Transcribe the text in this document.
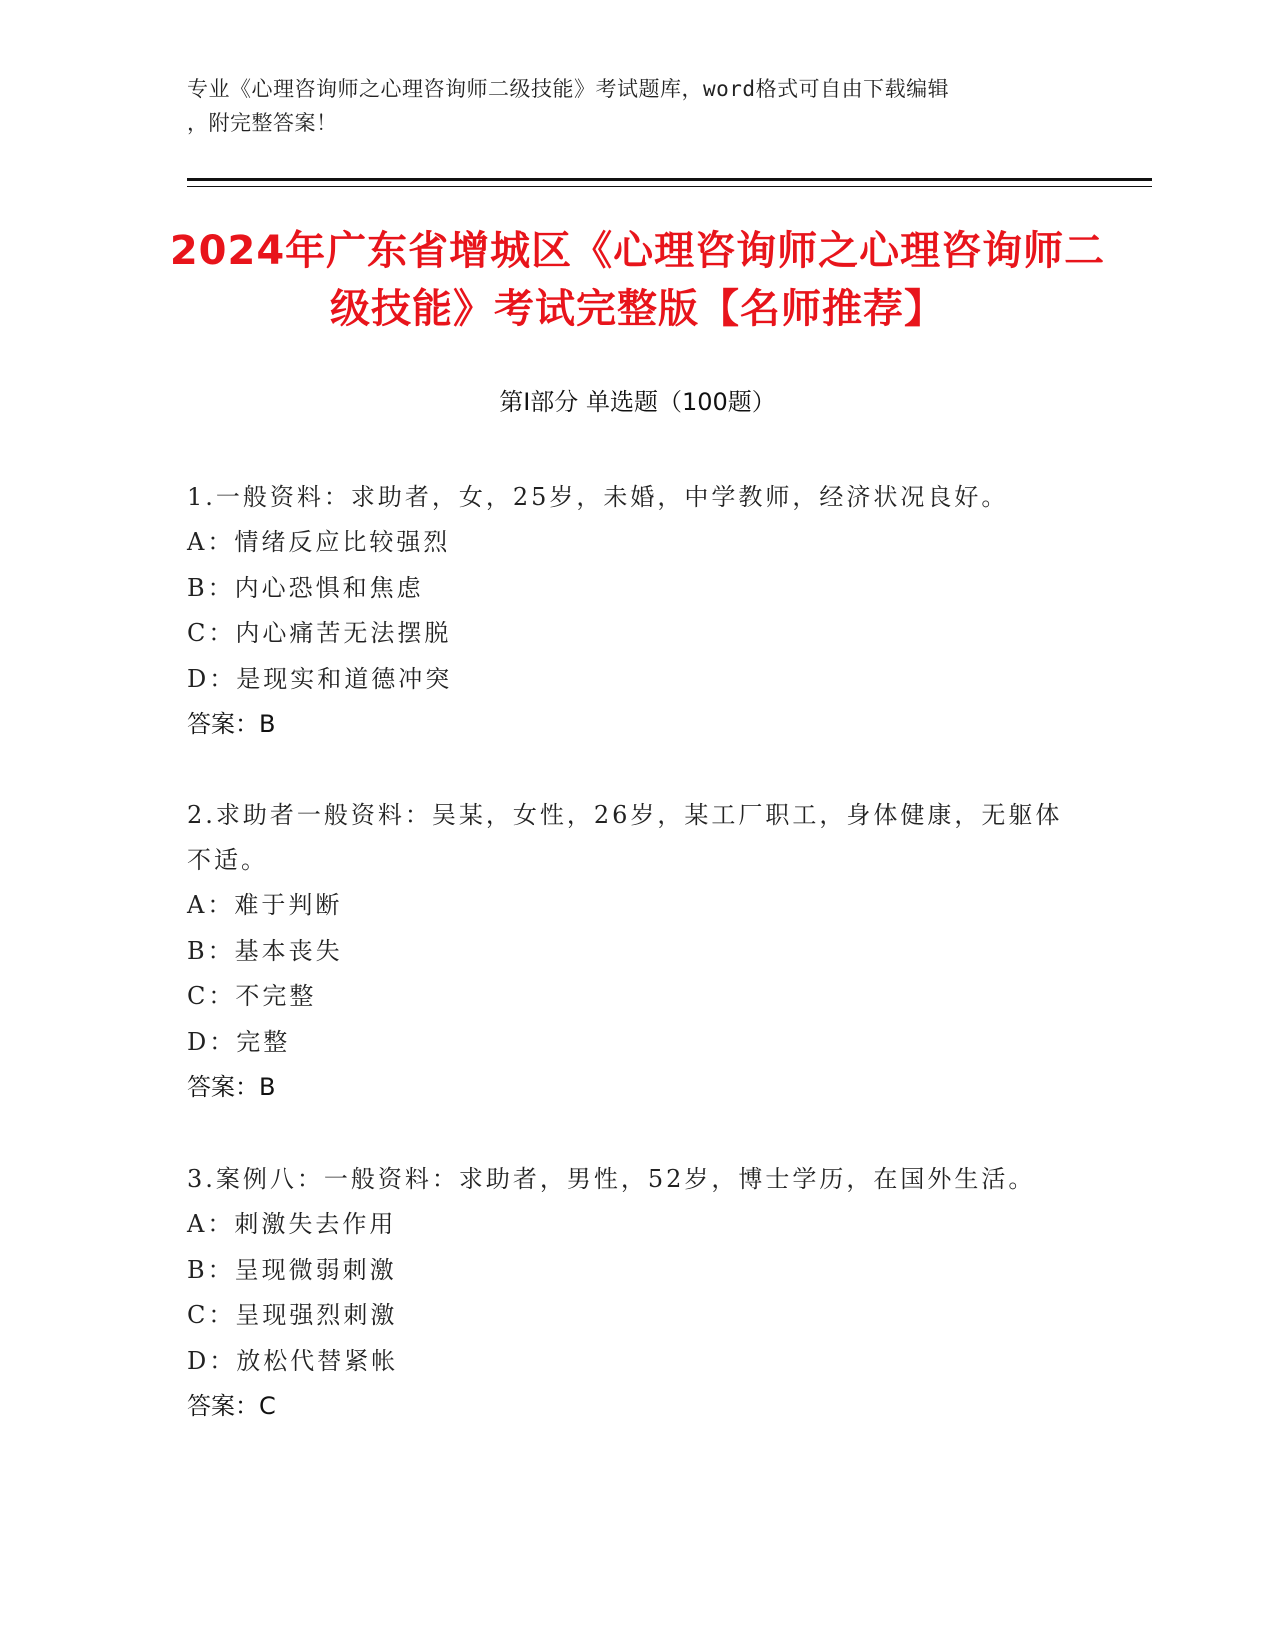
专业《心理咨询师之心理咨询师二级技能》考试题库，word格式可自由下载编辑
，附完整答案！
2024年广东省增城区《心理咨询师之心理咨询师二级技能》考试完整版【名师推荐】
第Ⅰ部分 单选题（100题）
1.一般资料：求助者，女，25岁，未婚，中学教师，经济状况良好。
A：情绪反应比较强烈
B：内心恐惧和焦虑
C：内心痛苦无法摆脱
D：是现实和道德冲突
答案：B
2.求助者一般资料：吴某，女性，26岁，某工厂职工，身体健康，无躯体不适。
A：难于判断
B：基本丧失
C：不完整
D：完整
答案：B
3.案例八：一般资料：求助者，男性，52岁，博士学历，在国外生活。
A：刺激失去作用
B：呈现微弱刺激
C：呈现强烈刺激
D：放松代替紧帐
答案：C
